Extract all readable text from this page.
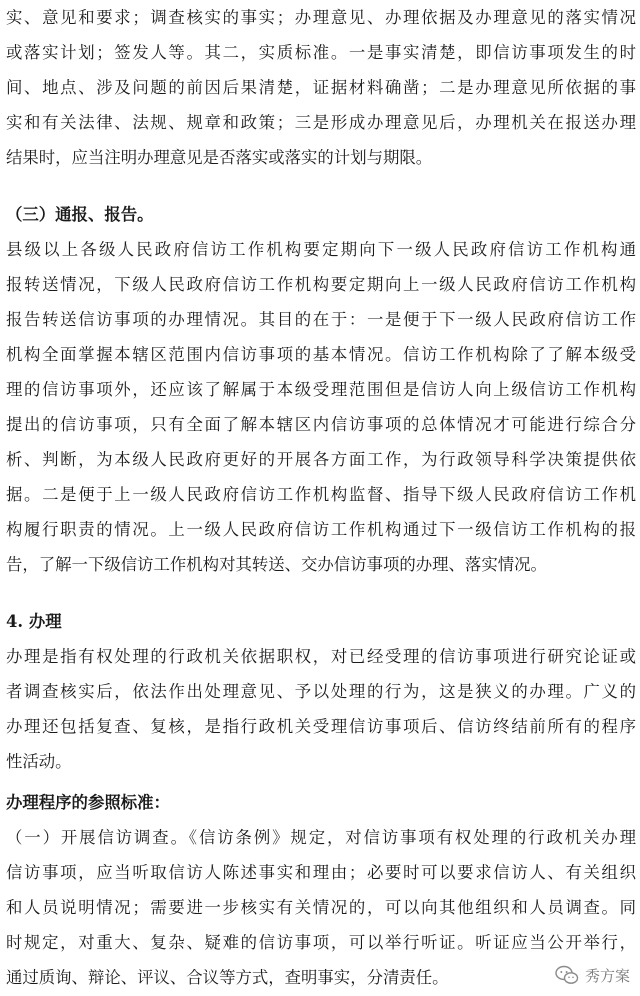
实、意见和要求；调查核实的事实；办理意见、办理依据及办理意见的落实情况
或落实计划；签发人等。其二，实质标准。一是事实清楚，即信访事项发生的时
间、地点、涉及问题的前因后果清楚，证据材料确凿；二是办理意见所依据的事
实和有关法律、法规、规章和政策；三是形成办理意见后，办理机关在报送办理
结果时，应当注明办理意见是否落实或落实的计划与期限。
（三）通报、报告。
县级以上各级人民政府信访工作机构要定期向下一级人民政府信访工作机构通
报转送情况，下级人民政府信访工作机构要定期向上一级人民政府信访工作机构
报告转送信访事项的办理情况。其目的在于：一是便于下一级人民政府信访工作
机构全面掌握本辖区范围内信访事项的基本情况。信访工作机构除了了解本级受
理的信访事项外，还应该了解属于本级受理范围但是信访人向上级信访工作机构
提出的信访事项，只有全面了解本辖区内信访事项的总体情况才可能进行综合分
析、判断，为本级人民政府更好的开展各方面工作，为行政领导科学决策提供依
据。二是便于上一级人民政府信访工作机构监督、指导下级人民政府信访工作机
构履行职责的情况。上一级人民政府信访工作机构通过下一级信访工作机构的报
告，了解一下级信访工作机构对其转送、交办信访事项的办理、落实情况。
4. 办理
办理是指有权处理的行政机关依据职权，对已经受理的信访事项进行研究论证或
者调查核实后，依法作出处理意见、予以处理的行为，这是狭义的办理。广义的
办理还包括复查、复核，是指行政机关受理信访事项后、信访终结前所有的程序
性活动。
办理程序的参照标准：
（一）开展信访调查。《信访条例》规定，对信访事项有权处理的行政机关办理
信访事项，应当听取信访人陈述事实和理由；必要时可以要求信访人、有关组织
和人员说明情况；需要进一步核实有关情况的，可以向其他组织和人员调查。同
时规定，对重大、复杂、疑难的信访事项，可以举行听证。听证应当公开举行，
通过质询、辩论、评议、合议等方式，查明事实，分清责任。	秀方案
